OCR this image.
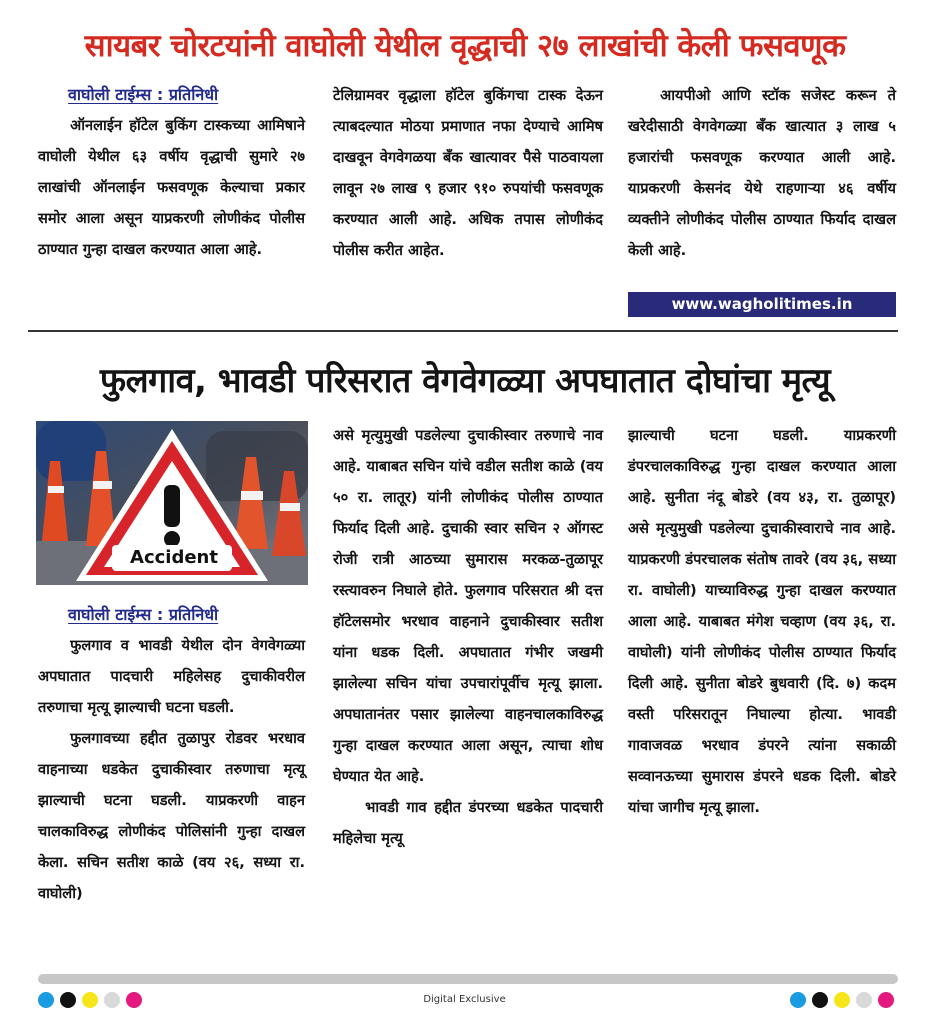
सायबर चोरटयांनी वाघोली येथील वृद्धाची २७ लाखांची केली फसवणूक
वाघोली टाईम्स : प्रतिनिधी

ऑनलाईन हॉटेल बुकिंग टास्कच्या आमिषाने वाघोली येथील ६३ वर्षीय वृद्धाची सुमारे २७ लाखांची ऑनलाईन फसवणूक केल्याचा प्रकार समोर आला असून याप्रकरणी लोणीकंद पोलीस ठाण्यात गुन्हा दाखल करण्यात आला आहे.

टेलिग्रामवर वृद्धाला हॉटेल बुकिंगचा टास्क देऊन त्याबदल्यात मोठया प्रमाणात नफा देण्याचे आमिष दाखवून वेगवेगळया बँक खात्यावर पैसे पाठवायला लावून २७ लाख ९ हजार ९१० रुपयांची फसवणूक करण्यात आली आहे. अधिक तपास लोणीकंद पोलीस करीत आहेत.

आयपीओ आणि स्टॉक सजेस्ट करून ते खरेदीसाठी वेगवेगळ्या बँक खात्यात ३ लाख ५ हजारांची फसवणूक करण्यात आली आहे. याप्रकरणी केसनंद येथे राहणाऱ्या ४६ वर्षीय व्यक्तीने लोणीकंद पोलीस ठाण्यात फिर्याद दाखल केली आहे.

www.wagholitimes.in
फुलगाव, भावडी परिसरात वेगवेगळ्या अपघातात दोघांचा मृत्यू
Accident
वाघोली टाईम्स : प्रतिनिधी

फुलगाव व भावडी येथील दोन वेगवेगळ्या अपघातात पादचारी महिलेसह दुचाकीवरील तरुणाचा मृत्यू झाल्याची घटना घडली.

फुलगावच्या हद्दीत तुळापुर रोडवर भरधाव वाहनाच्या धडकेत दुचाकीस्वार तरुणाचा मृत्यू झाल्याची घटना घडली. याप्रकरणी वाहन चालकाविरुद्ध लोणीकंद पोलिसांनी गुन्हा दाखल केला. सचिन सतीश काळे (वय २६, सध्या रा. वाघोली)

असे मृत्युमुखी पडलेल्या दुचाकीस्वार तरुणाचे नाव आहे. याबाबत सचिन यांचे वडील सतीश काळे (वय ५० रा. लातूर) यांनी लोणीकंद पोलीस ठाण्यात फिर्याद दिली आहे. दुचाकी स्वार सचिन २ ऑगस्ट रोजी रात्री आठच्या सुमारास मरकळ-तुळापूर रस्त्यावरुन निघाले होते. फुलगाव परिसरात श्री दत्त हॉटेलसमोर भरधाव वाहनाने दुचाकीस्वार सतीश यांना धडक दिली. अपघातात गंभीर जखमी झालेल्या सचिन यांचा उपचारांपूर्वीच मृत्यू झाला. अपघातानंतर पसार झालेल्या वाहनचालकाविरुद्ध गुन्हा दाखल करण्यात आला असून, त्याचा शोध घेण्यात येत आहे.

भावडी गाव हद्दीत डंपरच्या धडकेत पादचारी महिलेचा मृत्यू

झाल्याची घटना घडली. याप्रकरणी डंपरचालकाविरुद्ध गुन्हा दाखल करण्यात आला आहे. सुनीता नंदू बोडरे (वय ४३, रा. तुळापूर) असे मृत्युमुखी पडलेल्या दुचाकीस्वाराचे नाव आहे. याप्रकरणी डंपरचालक संतोष तावरे (वय ३६, सध्या रा. वाघोली) याच्याविरुद्ध गुन्हा दाखल करण्यात आला आहे. याबाबत मंगेश चव्हाण (वय ३६, रा. वाघोली) यांनी लोणीकंद पोलीस ठाण्यात फिर्याद दिली आहे. सुनीता बोडरे बुधवारी (दि. ७) कदम वस्ती परिसरातून निघाल्या होत्या. भावडी गावाजवळ भरधाव डंपरने त्यांना सकाळी सव्वानऊच्या सुमारास डंपरने धडक दिली. बोडरे यांचा जागीच मृत्यू झाला.

Digital Exclusive
